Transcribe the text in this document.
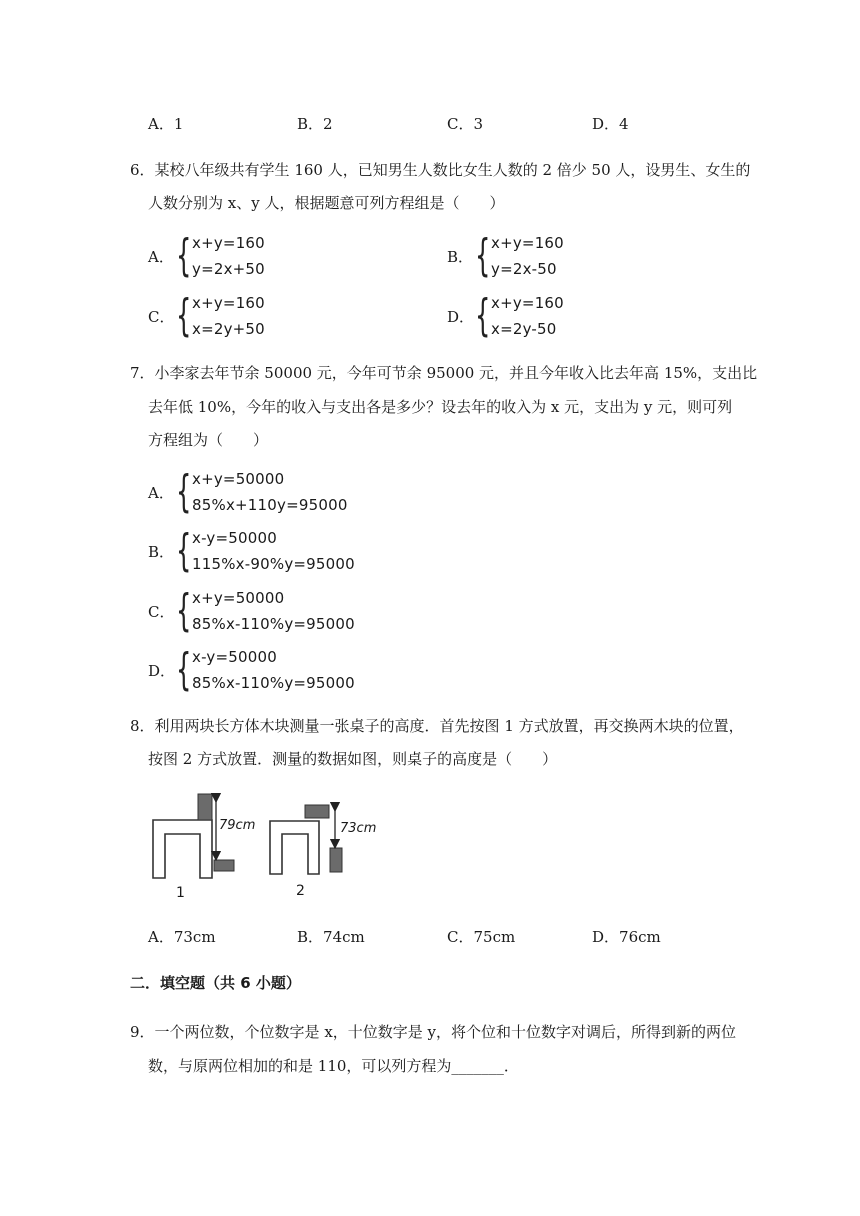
A．1	B．2	C．3	D．4
6．某校八年级共有学生 160 人，已知男生人数比女生人数的 2 倍少 50 人，设男生、女生的
人数分别为 x、y 人，根据题意可列方程组是（　　）
A． { x+y=160
y=2x+50
B． { x+y=160
y=2x-50
C． { x+y=160
x=2y+50
D． { x+y=160
x=2y-50
7．小李家去年节余 50000 元，今年可节余 95000 元，并且今年收入比去年高 15%，支出比
去年低 10%，今年的收入与支出各是多少？设去年的收入为 x 元，支出为 y 元，则可列
方程组为（　　）
A． { x+y=50000
85%x+110y=95000
B． { x-y=50000
115%x-90%y=95000
C． { x+y=50000
85%x-110%y=95000
D． { x-y=50000
85%x-110%y=95000
8．利用两块长方体木块测量一张桌子的高度．首先按图 1 方式放置，再交换两木块的位置，
按图 2 方式放置．测量的数据如图，则桌子的高度是（　　）
79cm
1
73cm
2
A．73cm	B．74cm	C．75cm	D．76cm
二．填空题（共 6 小题）
9．一个两位数，个位数字是 x，十位数字是 y，将个位和十位数字对调后，所得到新的两位
数，与原两位相加的和是 110，可以列方程为_______．
